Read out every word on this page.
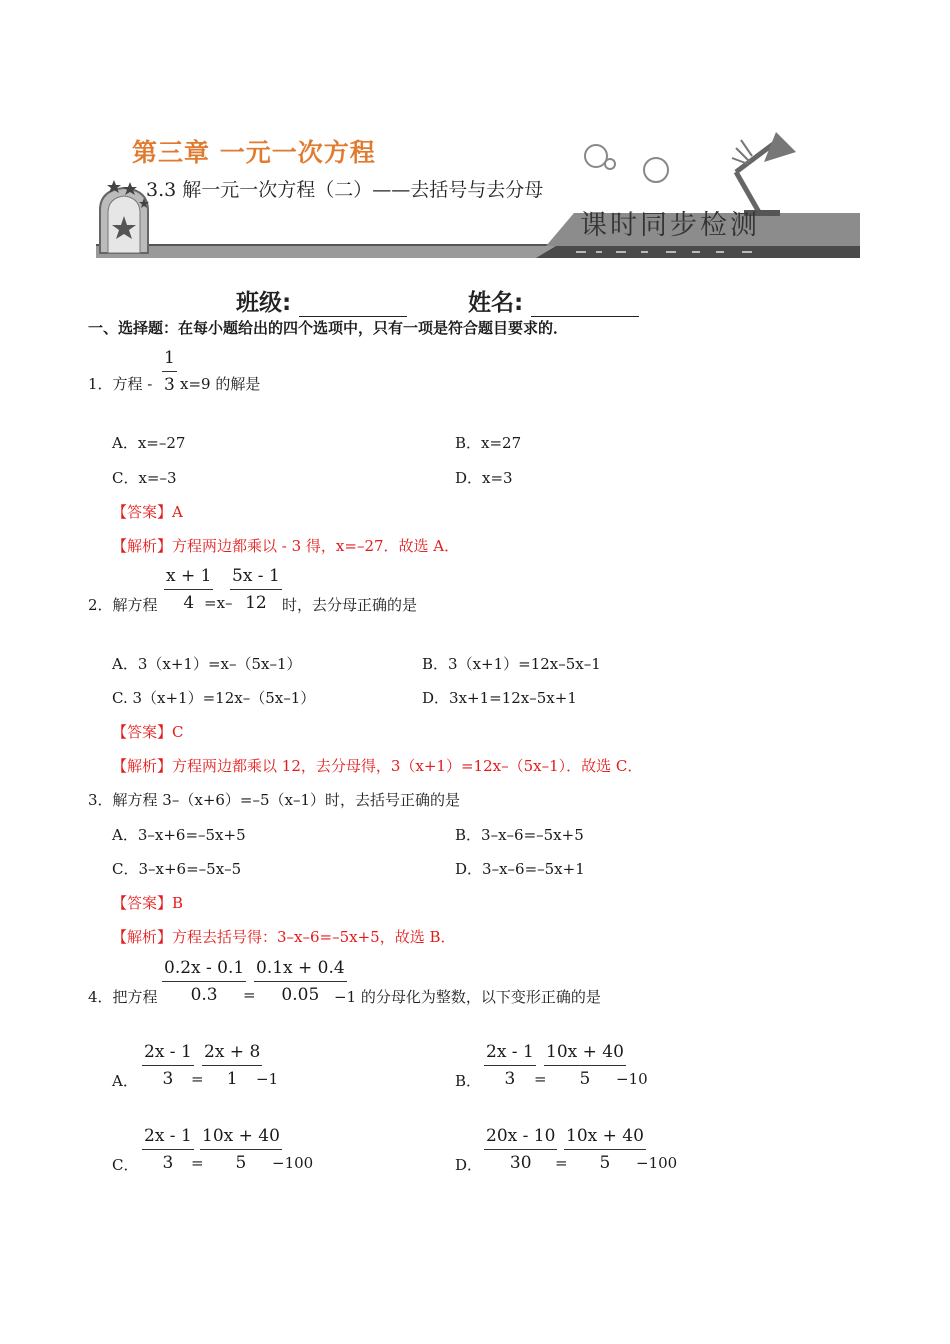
第三章 一元一次方程
3.3 解一元一次方程（二）——去括号与去分母
课时同步检测
班级:	姓名:
一、选择题：在每小题给出的四个选项中，只有一项是符合题目要求的．
1．方程 -
1
3 x=9 的解是
A．x=–27	B．x=27
C．x=–3	D．x=3
【答案】A
【解析】方程两边都乘以 - 3 得，x=–27．故选 A．
2．解方程
x + 1
4 =x–
5x - 1
12 时，去分母正确的是
A．3（x+1）=x–（5x–1）	B．3（x+1）=12x–5x–1
C. 3（x+1）=12x–（5x–1）	D．3x+1=12x–5x+1
【答案】C
【解析】方程两边都乘以 12，去分母得，3（x+1）=12x–（5x–1）．故选 C．
3．解方程 3–（x+6）=–5（x–1）时，去括号正确的是
A．3–x+6=–5x+5	B．3–x–6=–5x+5
C．3–x+6=–5x–5	D．3–x–6=–5x+1
【答案】B
【解析】方程去括号得：3–x–6=–5x+5，故选 B．
4．把方程
0.2x - 0.1
0.3 =
0.1x + 0.4
0.05 −1 的分母化为整数，以下变形正确的是
A．
2x - 1
3 =
2x + 8
1 −1	B．
2x - 1
3 =
10x + 40
5 −10
C．
2x - 1
3 =
10x + 40
5 −100	D．
20x - 10
30 =
10x + 40
5 −100
